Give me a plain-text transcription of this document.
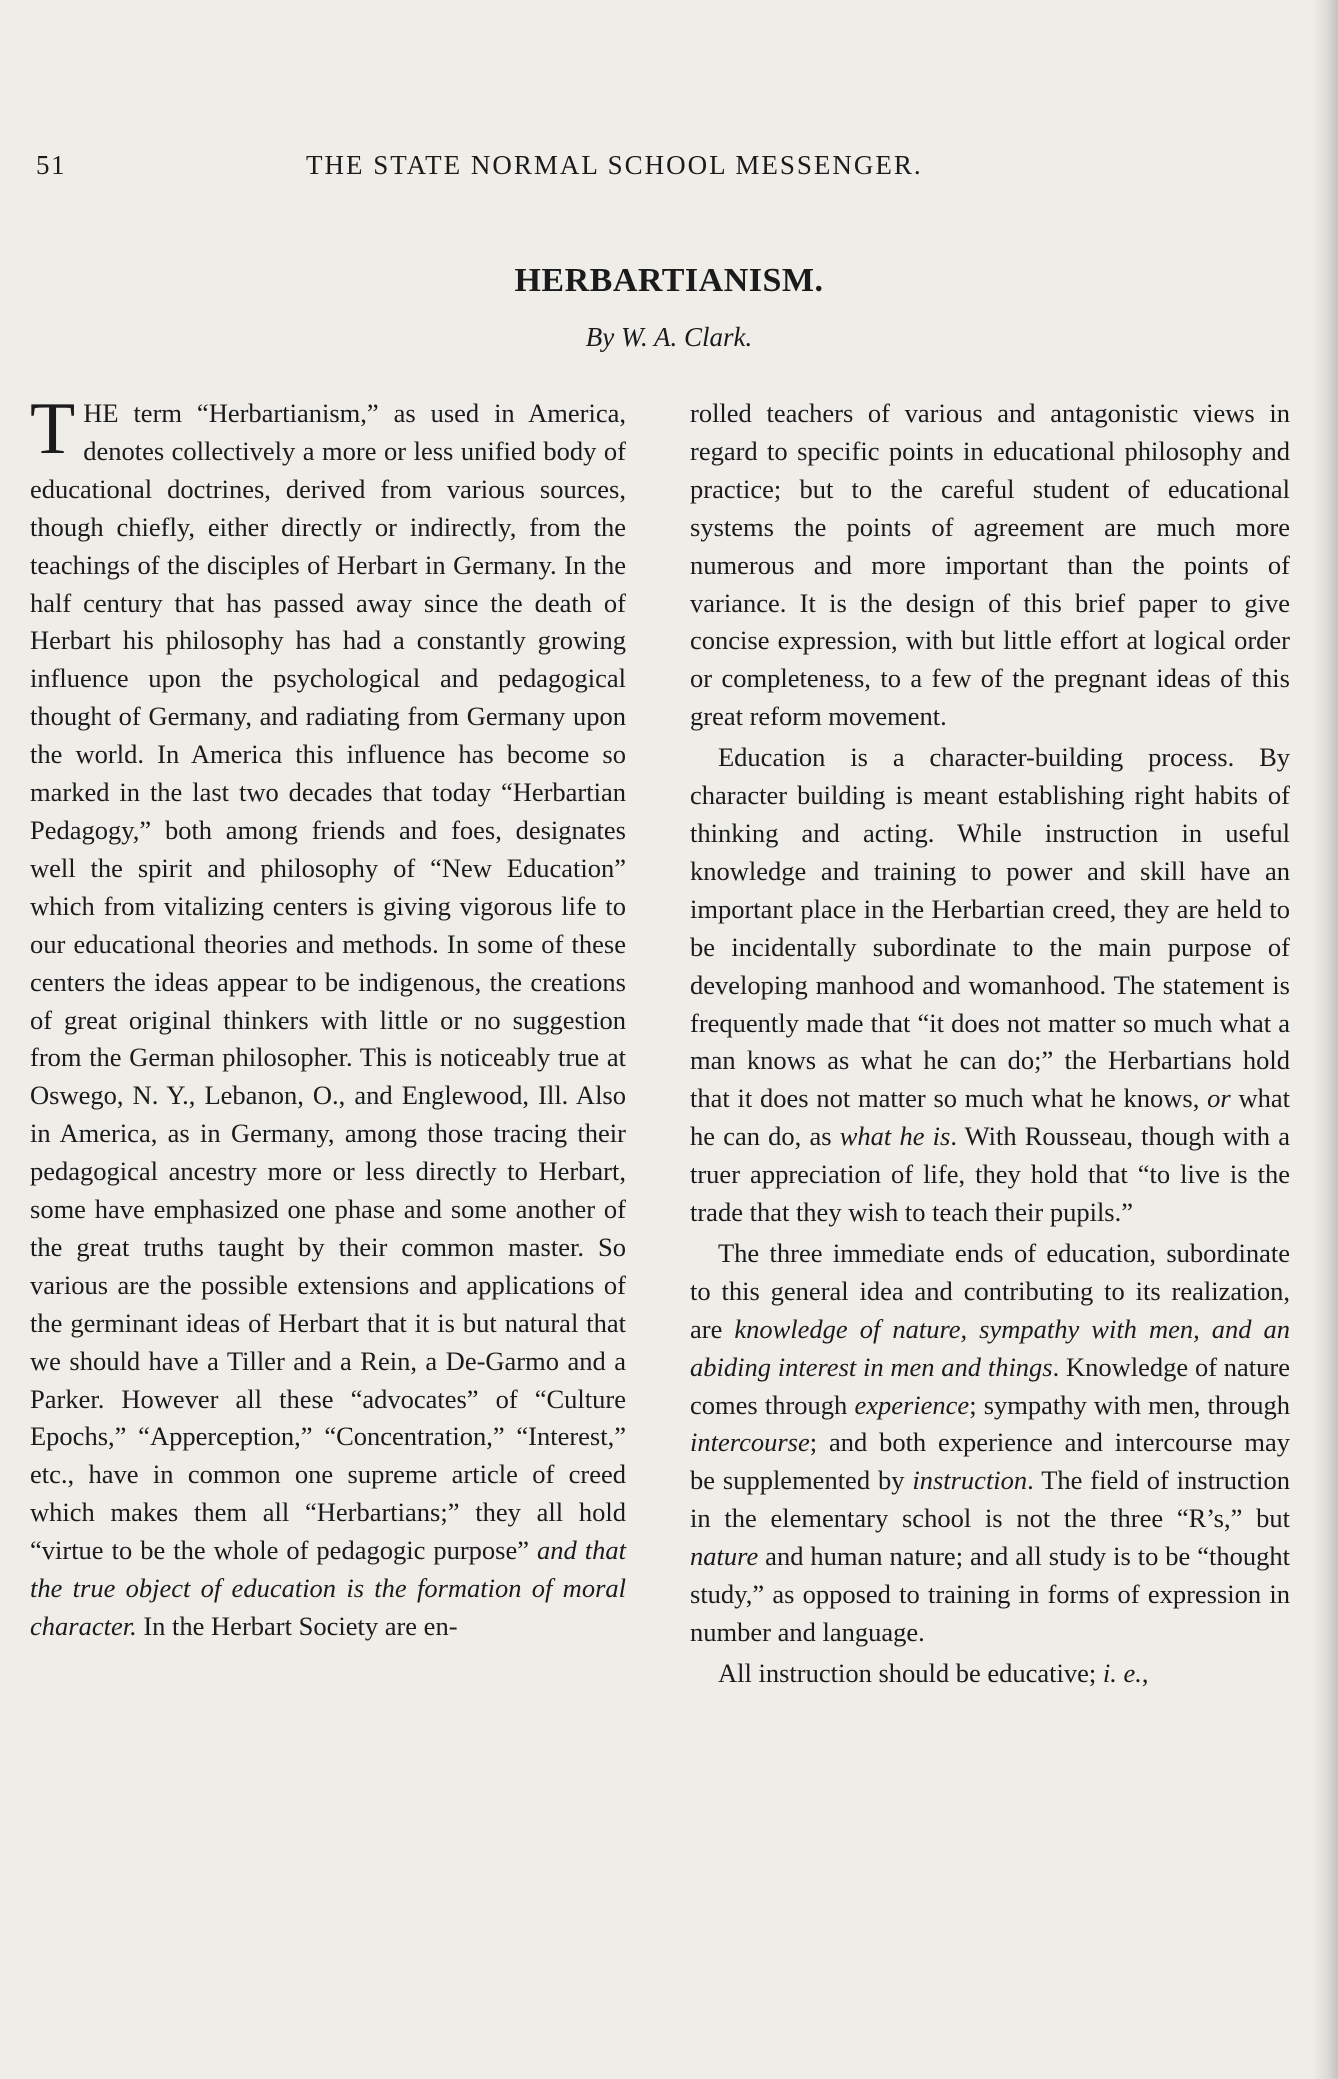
51	THE STATE NORMAL SCHOOL MESSENGER.
HERBARTIANISM.
By W. A. Clark.

THE term “Herbartianism,” as used in America, denotes collectively a more or less unified body of educational doctrines, derived from various sources, though chiefly, either directly or indirectly, from the teachings of the disciples of Herbart in Germany. In the half century that has passed away since the death of Herbart his philosophy has had a constantly growing influence upon the psychological and pedagogical thought of Germany, and radiating from Germany upon the world. In America this influence has become so marked in the last two decades that today “Herbartian Pedagogy,” both among friends and foes, designates well the spirit and philosophy of “New Education” which from vitalizing centers is giving vigorous life to our educational theories and methods. In some of these centers the ideas appear to be indigenous, the creations of great original thinkers with little or no suggestion from the German philosopher. This is noticeably true at Oswego, N. Y., Lebanon, O., and Englewood, Ill. Also in America, as in Germany, among those tracing their pedagogical ancestry more or less directly to Herbart, some have emphasized one phase and some another of the great truths taught by their common master. So various are the possible extensions and applications of the germinant ideas of Herbart that it is but natural that we should have a Tiller and a Rein, a De-Garmo and a Parker. However all these “advocates” of “Culture Epochs,” “Apperception,” “Concentration,” “Interest,” etc., have in common one supreme article of creed which makes them all “Herbartians;” they all hold “virtue to be the whole of pedagogic purpose” and that the true object of education is the formation of moral character. In the Herbart Society are en-

rolled teachers of various and antagonistic views in regard to specific points in educational philosophy and practice; but to the careful student of educational systems the points of agreement are much more numerous and more important than the points of variance. It is the design of this brief paper to give concise expression, with but little effort at logical order or completeness, to a few of the pregnant ideas of this great reform movement.

Education is a character-building process. By character building is meant establishing right habits of thinking and acting. While instruction in useful knowledge and training to power and skill have an important place in the Herbartian creed, they are held to be incidentally subordinate to the main purpose of developing manhood and womanhood. The statement is frequently made that “it does not matter so much what a man knows as what he can do;” the Herbartians hold that it does not matter so much what he knows, or what he can do, as what he is. With Rousseau, though with a truer appreciation of life, they hold that “to live is the trade that they wish to teach their pupils.”

The three immediate ends of education, subordinate to this general idea and contributing to its realization, are knowledge of nature, sympathy with men, and an abiding interest in men and things. Knowledge of nature comes through experience; sympathy with men, through intercourse; and both experience and intercourse may be supplemented by instruction. The field of instruction in the elementary school is not the three “R’s,” but nature and human nature; and all study is to be “thought study,” as opposed to training in forms of expression in number and language.

All instruction should be educative; i. e.,
